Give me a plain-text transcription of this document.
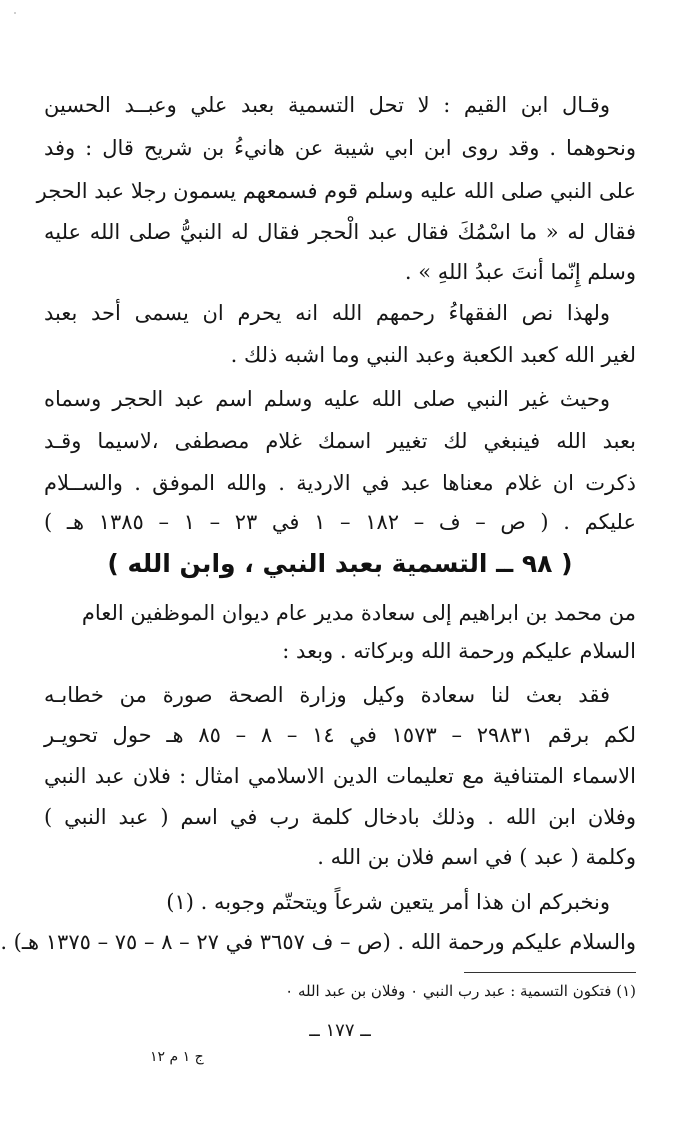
وقـال ابن القيم : لا تحل التسمية بعبد علي وعبــد الحسين
ونحوهما . وقد روى ابن ابي شيبة عن هانيءُ بن شريح قال : وفد
على النبي صلى الله عليه وسلم قوم فسمعهم يسمون رجلا عبد الحجر
فقال له « ما اسْمُكَ فقال عبد الْحجر فقال له النبيُّ صلى الله عليه
وسلم إِنّما أنتَ عبدُ اللهِ » .
ولهذا نص الفقهاءُ رحمهم الله انه يحرم ان يسمى أحد بعبد
لغير الله كعبد الكعبة وعبد النبي وما اشبه ذلك .
وحيث غير النبي صلى الله عليه وسلم اسم عبد الحجر وسماه
بعبد الله فينبغي لك تغيير اسمك غلام مصطفى ،لاسيما وقـد
ذكرت ان غلام معناها عبد في الاردية . والله الموفق . والســلام
عليكم . ( ص – ف – ١٨٢ – ١ في ٢٣ – ١ – ١٣٨٥ هـ )
( ٩٨ ــ التسمية بعبد النبي ، وابن الله )
من محمد بن ابراهيم إلى سعادة مدير عام ديوان الموظفين العام
السلام عليكم ورحمة الله وبركاته . وبعد :
فقد بعث لنا سعادة وكيل وزارة الصحة صورة من خطابـه
لكم برقم ٢٩٨٣١ – ١٥٧٣ في ١٤ – ٨ – ٨٥ هـ حول تحويـر
الاسماء المتنافية مع تعليمات الدين الاسلامي امثال : فلان عبد النبي
وفلان ابن الله . وذلك بادخال كلمة رب في اسم ( عبد النبي )
وكلمة ( عبد ) في اسم فلان بن الله .
ونخبركم ان هذا أمر يتعين شرعاً ويتحتّم وجوبه . (١)
والسلام عليكم ورحمة الله . (ص – ف ٣٦٥٧ في ٢٧ – ٨ – ٧٥ – ١٣٧٥ هـ) .
(١) فتكون التسمية : عبد رب النبي ٠ وفلان بن عبد الله ٠
ــ ١٧٧ ــ
ج ١ م ١٢
